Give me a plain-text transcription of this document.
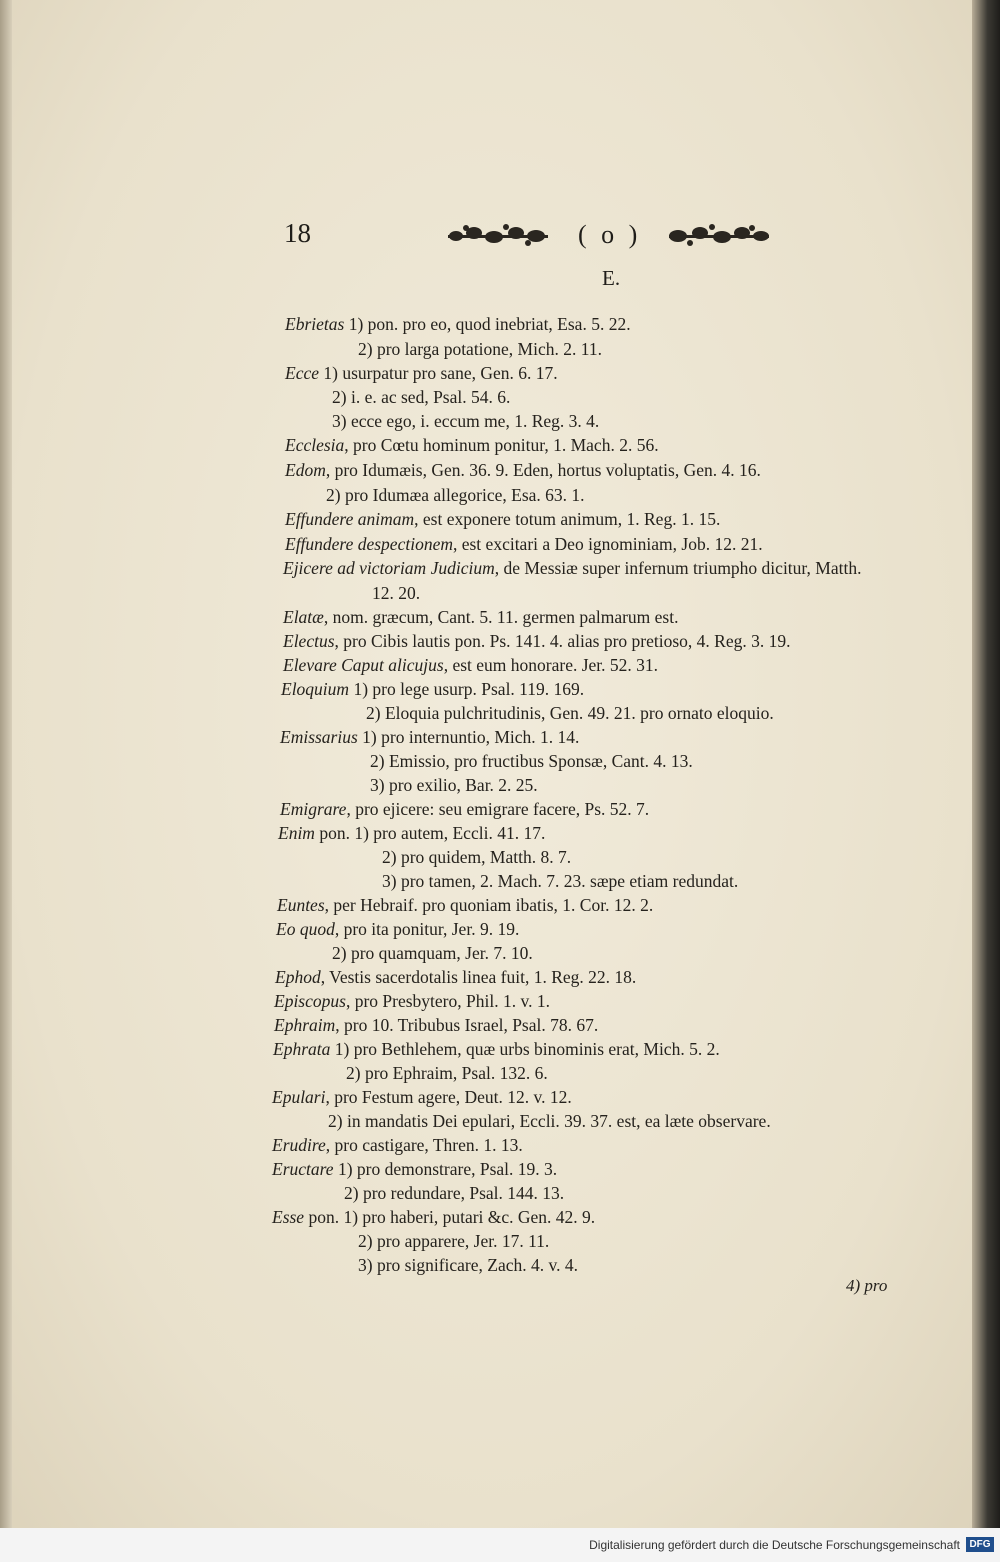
18	( o )
E.
Ebrietas 1) pon. pro eo, quod inebriat, Esa. 5. 22.
2) pro larga potatione, Mich. 2. 11.
Ecce 1) usurpatur pro sane, Gen. 6. 17.
2) i. e. ac sed, Psal. 54. 6.
3) ecce ego, i. eccum me, 1. Reg. 3. 4.
Ecclesia, pro Cœtu hominum ponitur, 1. Mach. 2. 56.
Edom, pro Idumæis, Gen. 36. 9. Eden, hortus voluptatis, Gen. 4. 16.
2) pro Idumæa allegorice, Esa. 63. 1.
Effundere animam, est exponere totum animum, 1. Reg. 1. 15.
Effundere despectionem, est excitari a Deo ignominiam, Job. 12. 21.
Ejicere ad victoriam Judicium, de Messiæ super infernum triumpho dicitur, Matth.
12. 20.
Elatæ, nom. græcum, Cant. 5. 11. germen palmarum est.
Electus, pro Cibis lautis pon. Ps. 141. 4. alias pro pretioso, 4. Reg. 3. 19.
Elevare Caput alicujus, est eum honorare. Jer. 52. 31.
Eloquium 1) pro lege usurp. Psal. 119. 169.
2) Eloquia pulchritudinis, Gen. 49. 21. pro ornato eloquio.
Emissarius 1) pro internuntio, Mich. 1. 14.
2) Emissio, pro fructibus Sponsæ, Cant. 4. 13.
3) pro exilio, Bar. 2. 25.
Emigrare, pro ejicere: seu emigrare facere, Ps. 52. 7.
Enim pon. 1) pro autem, Eccli. 41. 17.
2) pro quidem, Matth. 8. 7.
3) pro tamen, 2. Mach. 7. 23. sæpe etiam redundat.
Euntes, per Hebraif. pro quoniam ibatis, 1. Cor. 12. 2.
Eo quod, pro ita ponitur, Jer. 9. 19.
2) pro quamquam, Jer. 7. 10.
Ephod, Vestis sacerdotalis linea fuit, 1. Reg. 22. 18.
Episcopus, pro Presbytero, Phil. 1. v. 1.
Ephraim, pro 10. Tribubus Israel, Psal. 78. 67.
Ephrata 1) pro Bethlehem, quæ urbs binominis erat, Mich. 5. 2.
2) pro Ephraim, Psal. 132. 6.
Epulari, pro Festum agere, Deut. 12. v. 12.
2) in mandatis Dei epulari, Eccli. 39. 37. est, ea læte observare.
Erudire, pro castigare, Thren. 1. 13.
Eructare 1) pro demonstrare, Psal. 19. 3.
2) pro redundare, Psal. 144. 13.
Esse pon. 1) pro haberi, putari &c. Gen. 42. 9.
2) pro apparere, Jer. 17. 11.
3) pro significare, Zach. 4. v. 4.
4) pro
Digitalisierung gefördert durch die Deutsche Forschungsgemeinschaft DFG
